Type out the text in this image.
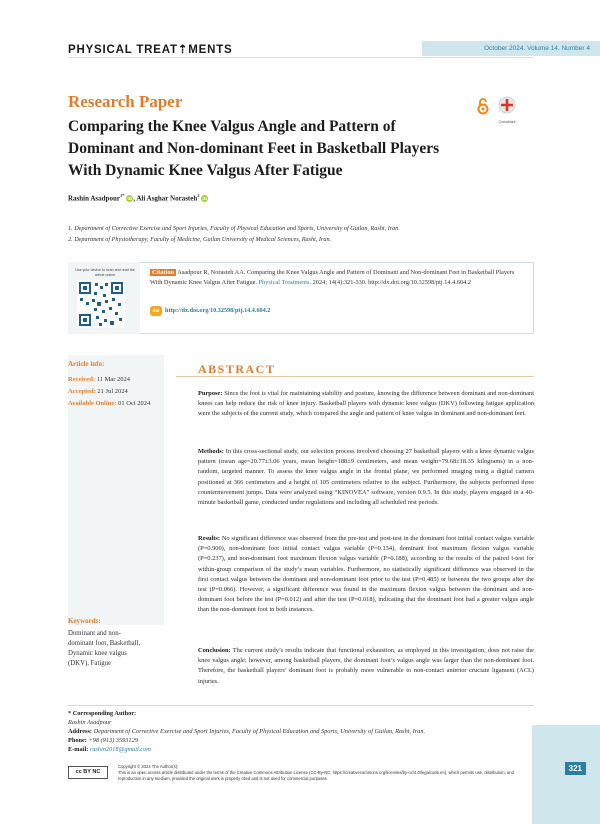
PHYSICAL TREAT⇡MENTS	October 2024. Volume 14. Number 4
Research Paper
Comparing the Knee Valgus Angle and Pattern of Dominant and Non-dominant Feet in Basketball Players With Dynamic Knee Valgus After Fatigue
CrossMark
Rashin Asadpour$^{1*}$ iD, Ali Asghar Norasteh$^2$ iD
1. Department of Corrective Exercise and Sport Injuries, Faculty of Physical Education and Sports, University of Guilan, Rasht, Iran.
2. Department of Physiotherapy, Faculty of Medicine, Guilan University of Medical Sciences, Rasht, Iran.
Use your device to scan and read the article online	Citation Asadpour R, Norasteh AA. Comparing the Knee Valgus Angle and Pattern of Dominant and Non-dominant Feet in Basketball Players With Dynamic Knee Valgus After Fatigue. Physical Treatments. 2024; 14(4):321-330. http://dx.doi.org/10.32598/ptj.14.4.604.2
doi http://dx.doi.org/10.32598/ptj.14.4.604.2
Article info:
Received: 11 Mar 2024
Accepted: 21 Jul 2024
Available Online: 01 Oct 2024
Keywords:
Dominant and non-dominant foot, Basketball, Dynamic knee valgus (DKV), Fatigue
ABSTRACT
Purpose: Since the foot is vital for maintaining stability and posture, knowing the difference between dominant and non-dominant knees can help reduce the risk of knee injury. Basketball players with dynamic knee valgus (DKV) following fatigue application were the subjects of the current study, which compared the angle and pattern of knee valgus in dominant and non-dominant feet.
Methods: In this cross-sectional study, our selection process involved choosing 27 basketball players with a knee dynamic valgus pattern (mean age=20.77±3.06 years, mean height=188±9 centimeters, and mean weight=79.68±18.35 kilograms) in a non-random, targeted manner. To assess the knee valgus angle in the frontal plane, we performed imaging using a digital camera positioned at 366 centimeters and a height of 105 centimeters relative to the subject. Furthermore, the subjects performed three countermovement jumps. Data were analyzed using “KINOVEA” software, version 0.9.5. In this study, players engaged in a 40-minute basketball game, conducted under regulations and including all scheduled rest periods.
Results: No significant difference was observed from the pre-test and post-test in the dominant foot initial contact valgus variable (P=0.900), non-dominant foot initial contact valgus variable (P=0.134), dominant foot maximum flexion valgus variable (P=0.237), and non-dominant foot maximum flexion valgus variable (P=0.188), according to the results of the paired t-test for within-group comparison of the study’s mean variables. Furthermore, no statistically significant difference was observed in the first contact valgus between the dominant and non-dominant foot prior to the test (P=0.485) or between the two groups after the test (P=0.066). However, a significant difference was found in the maximum flexion valgus between the dominant and non-dominant foot before the test (P=0.012) and after the test (P=0.018), indicating that the dominant foot had a greater valgus angle than the non-dominant foot in both instances.
Conclusion: The current study’s results indicate that functional exhaustion, as employed in this investigation, does not raise the knee valgus angle; however, among basketball players, the dominant foot’s valgus angle was larger than the non-dominant foot. Therefore, the basketball players’ dominant foot is probably more vulnerable to non-contact anterior cruciate ligament (ACL) injuries.
* Corresponding Author:
Rashin Asadpour
Address: Department of Corrective Exercise and Sport Injuries, Faculty of Physical Education and Sports, University of Guilan, Rasht, Iran.
Phone: +98 (913) 3593129
E-mail: rashin2018@gmail.com
cc BY NC
Copyright © 2024 The Author(s);
This is an open access article distributed under the terms of the Creative Commons Attribution License (CC-By-NC: https://creativecommons.org/licenses/by-nc/4.0/legalcode.en), which permits use, distribution, and reproduction in any medium, provided the original work is properly cited and is not used for commercial purposes.
321
